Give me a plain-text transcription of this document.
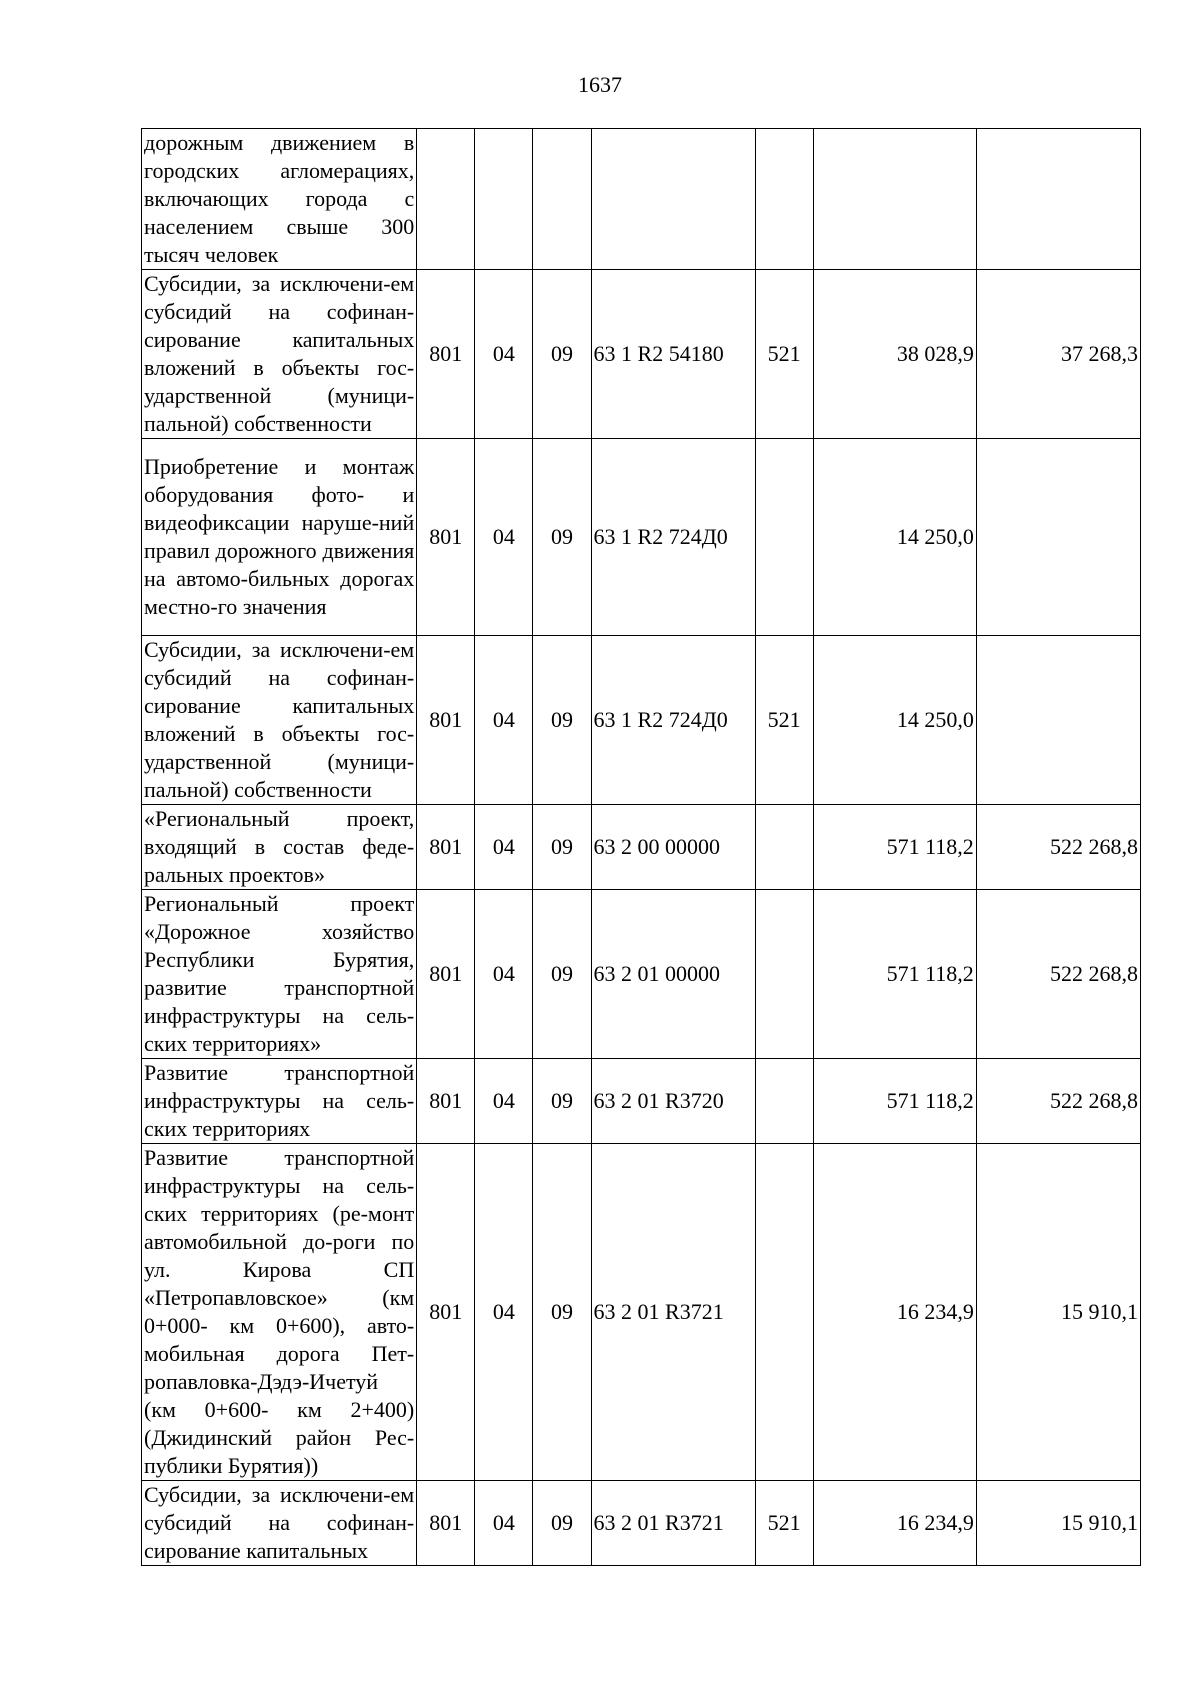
1637
дорожным движением в городских агломерациях, включающих города с населением свыше 300 тысяч человек							
Субсидии, за исключени-ем субсидий на софинан-сирование капитальных вложений в объекты гос-ударственной (муници-пальной) собственности	801	04	09	63 1 R2 54180	521	38 028,9	37 268,3
Приобретение и монтаж оборудования фото- и видеофиксации наруше-ний правил дорожного движения на автомо-бильных дорогах местно-го значения	801	04	09	63 1 R2 724Д0		14 250,0	
Субсидии, за исключени-ем субсидий на софинан-сирование капитальных вложений в объекты гос-ударственной (муници-пальной) собственности	801	04	09	63 1 R2 724Д0	521	14 250,0	
«Региональный проект, входящий в состав феде-ральных проектов»	801	04	09	63 2 00 00000		571 118,2	522 268,8
Региональный проект «Дорожное хозяйство Республики Бурятия, развитие транспортной инфраструктуры на сель-ских территориях»	801	04	09	63 2 01 00000		571 118,2	522 268,8
Развитие транспортной инфраструктуры на сель-ских территориях	801	04	09	63 2 01 R3720		571 118,2	522 268,8
Развитие транспортной инфраструктуры на сель-ских территориях (ре-монт автомобильной до-роги по ул. Кирова СП «Петропавловское» (км 0+000- км 0+600), авто-мобильная дорога Пет-ропавловка-Дэдэ-Ичетуй (км 0+600- км 2+400) (Джидинский район Рес-публики Бурятия))	801	04	09	63 2 01 R3721		16 234,9	15 910,1
Субсидии, за исключени-ем субсидий на софинан-сирование капитальных	801	04	09	63 2 01 R3721	521	16 234,9	15 910,1
